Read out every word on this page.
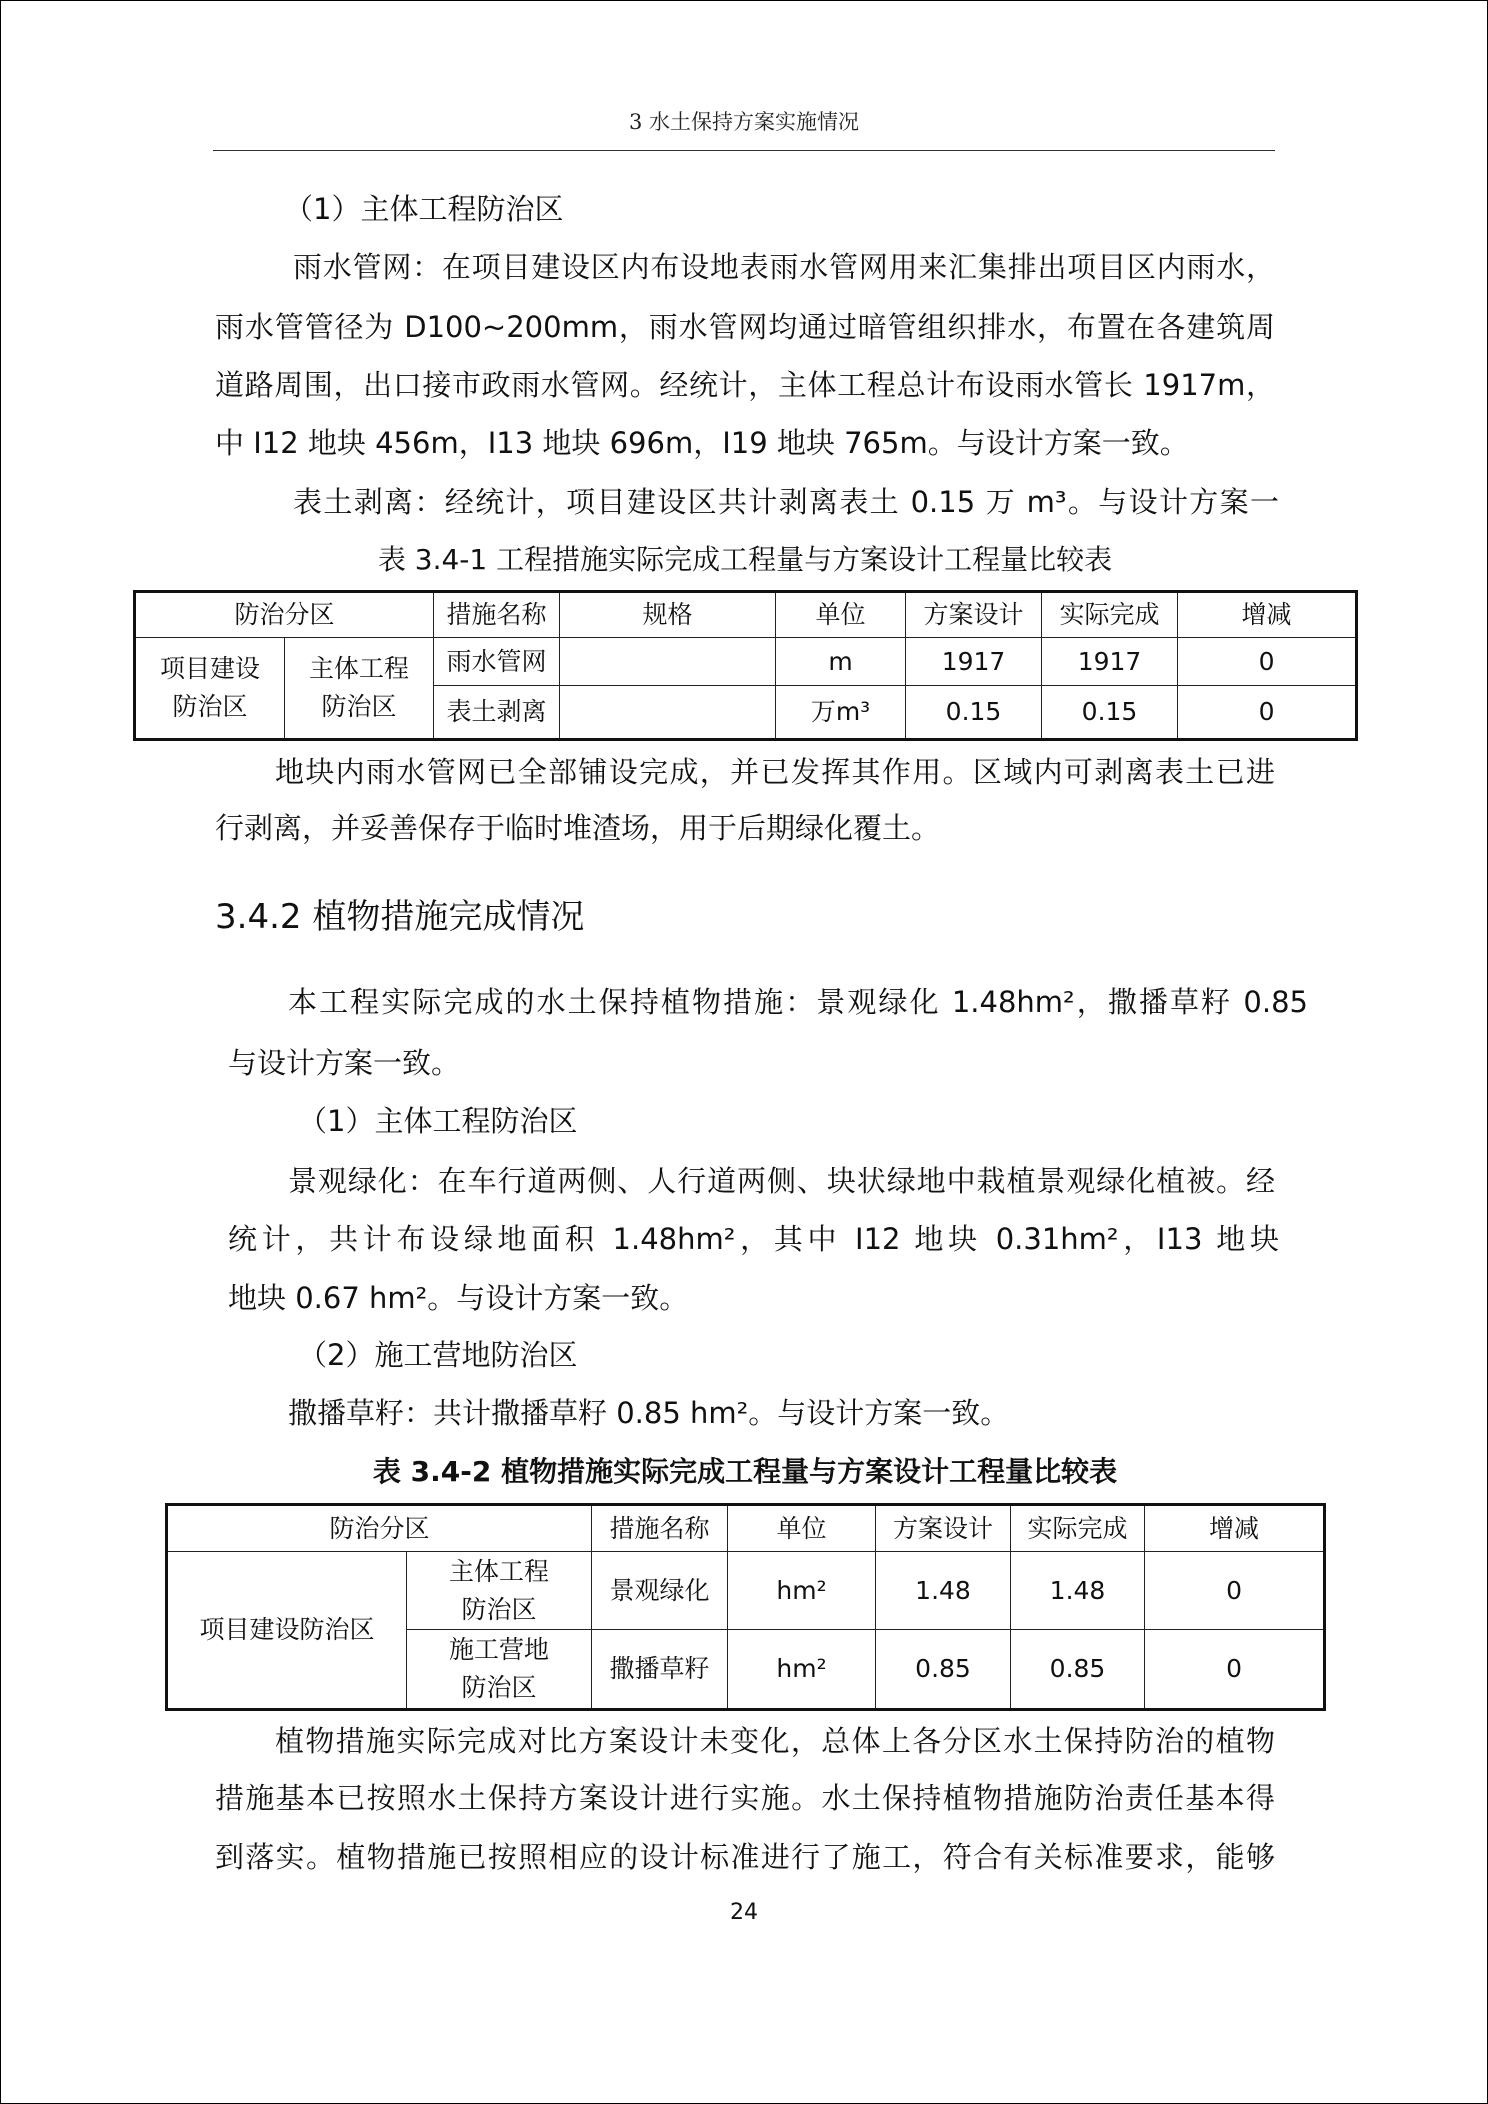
3 水土保持方案实施情况
（1）主体工程防治区
雨水管网：在项目建设区内布设地表雨水管网用来汇集排出项目区内雨水，
雨水管管径为 D100~200mm，雨水管网均通过暗管组织排水，布置在各建筑周
道路周围，出口接市政雨水管网。经统计，主体工程总计布设雨水管长 1917m，
中 I12 地块 456m，I13 地块 696m，I19 地块 765m。与设计方案一致。
表土剥离：经统计，项目建设区共计剥离表土 0.15 万 m³。与设计方案一
表 3.4-1 工程措施实际完成工程量与方案设计工程量比较表
防治分区		措施名称	规格	单位	方案设计	实际完成	增减
项目建设防治区	主体工程防治区	雨水管网		m	1917	1917	0
		表土剥离		万m³	0.15	0.15	0
地块内雨水管网已全部铺设完成，并已发挥其作用。区域内可剥离表土已进
行剥离，并妥善保存于临时堆渣场，用于后期绿化覆土。
3.4.2 植物措施完成情况
本工程实际完成的水土保持植物措施：景观绿化 1.48hm²，撒播草籽 0.85
与设计方案一致。
（1）主体工程防治区
景观绿化：在车行道两侧、人行道两侧、块状绿地中栽植景观绿化植被。经
统计，共计布设绿地面积 1.48hm²，其中 I12 地块 0.31hm²，I13 地块
地块 0.67 hm²。与设计方案一致。
（2）施工营地防治区
撒播草籽：共计撒播草籽 0.85 hm²。与设计方案一致。
表 3.4-2 植物措施实际完成工程量与方案设计工程量比较表
防治分区		措施名称	单位	方案设计	实际完成	增减
项目建设防治区	主体工程防治区	景观绿化	hm²	1.48	1.48	0
	施工营地防治区	撒播草籽	hm²	0.85	0.85	0
植物措施实际完成对比方案设计未变化，总体上各分区水土保持防治的植物
措施基本已按照水土保持方案设计进行实施。水土保持植物措施防治责任基本得
到落实。植物措施已按照相应的设计标准进行了施工，符合有关标准要求，能够
24
